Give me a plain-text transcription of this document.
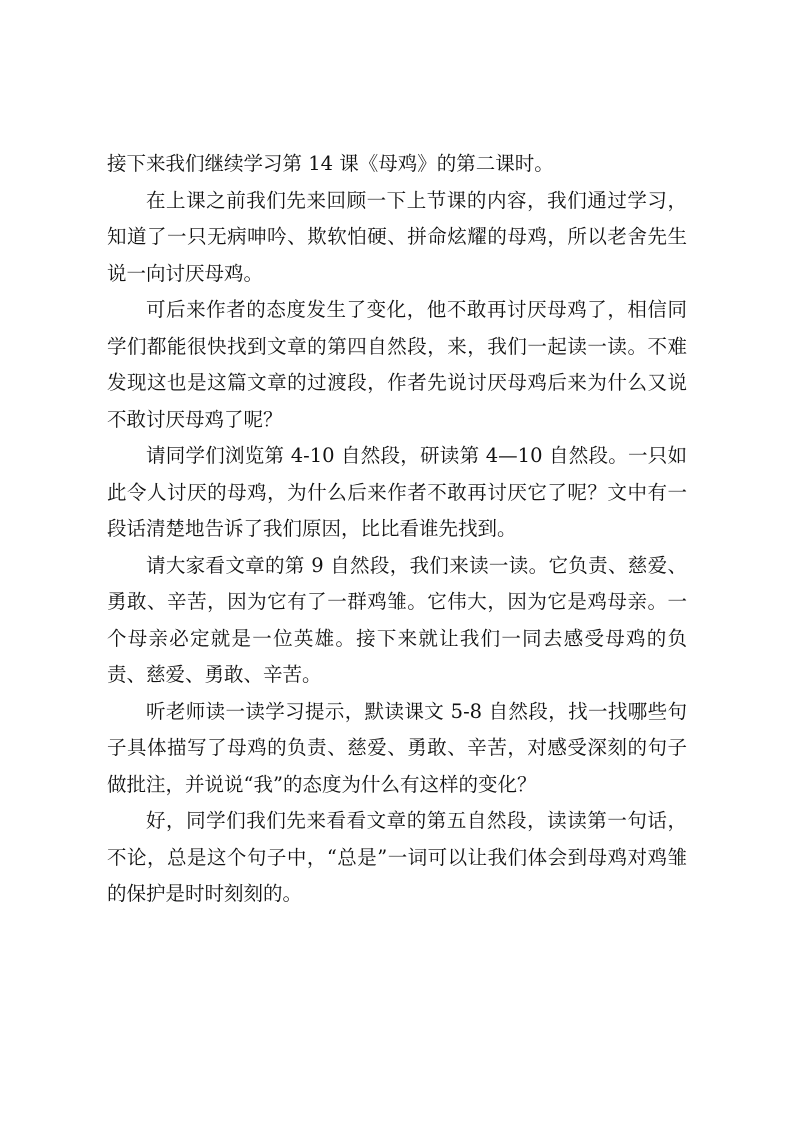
接下来我们继续学习第 14 课《母鸡》的第二课时。

在上课之前我们先来回顾一下上节课的内容，我们通过学习，知道了一只无病呻吟、欺软怕硬、拼命炫耀的母鸡，所以老舍先生说一向讨厌母鸡。

可后来作者的态度发生了变化，他不敢再讨厌母鸡了，相信同学们都能很快找到文章的第四自然段，来，我们一起读一读。不难发现这也是这篇文章的过渡段，作者先说讨厌母鸡后来为什么又说不敢讨厌母鸡了呢？

请同学们浏览第 4-10 自然段，研读第 4—10 自然段。一只如此令人讨厌的母鸡，为什么后来作者不敢再讨厌它了呢？文中有一段话清楚地告诉了我们原因，比比看谁先找到。

请大家看文章的第 9 自然段，我们来读一读。它负责、慈爱、勇敢、辛苦，因为它有了一群鸡雏。它伟大，因为它是鸡母亲。一个母亲必定就是一位英雄。接下来就让我们一同去感受母鸡的负责、慈爱、勇敢、辛苦。

听老师读一读学习提示，默读课文 5-8 自然段，找一找哪些句子具体描写了母鸡的负责、慈爱、勇敢、辛苦，对感受深刻的句子做批注，并说说“我”的态度为什么有这样的变化？

好，同学们我们先来看看文章的第五自然段，读读第一句话，不论，总是这个句子中，“总是”一词可以让我们体会到母鸡对鸡雏的保护是时时刻刻的。
